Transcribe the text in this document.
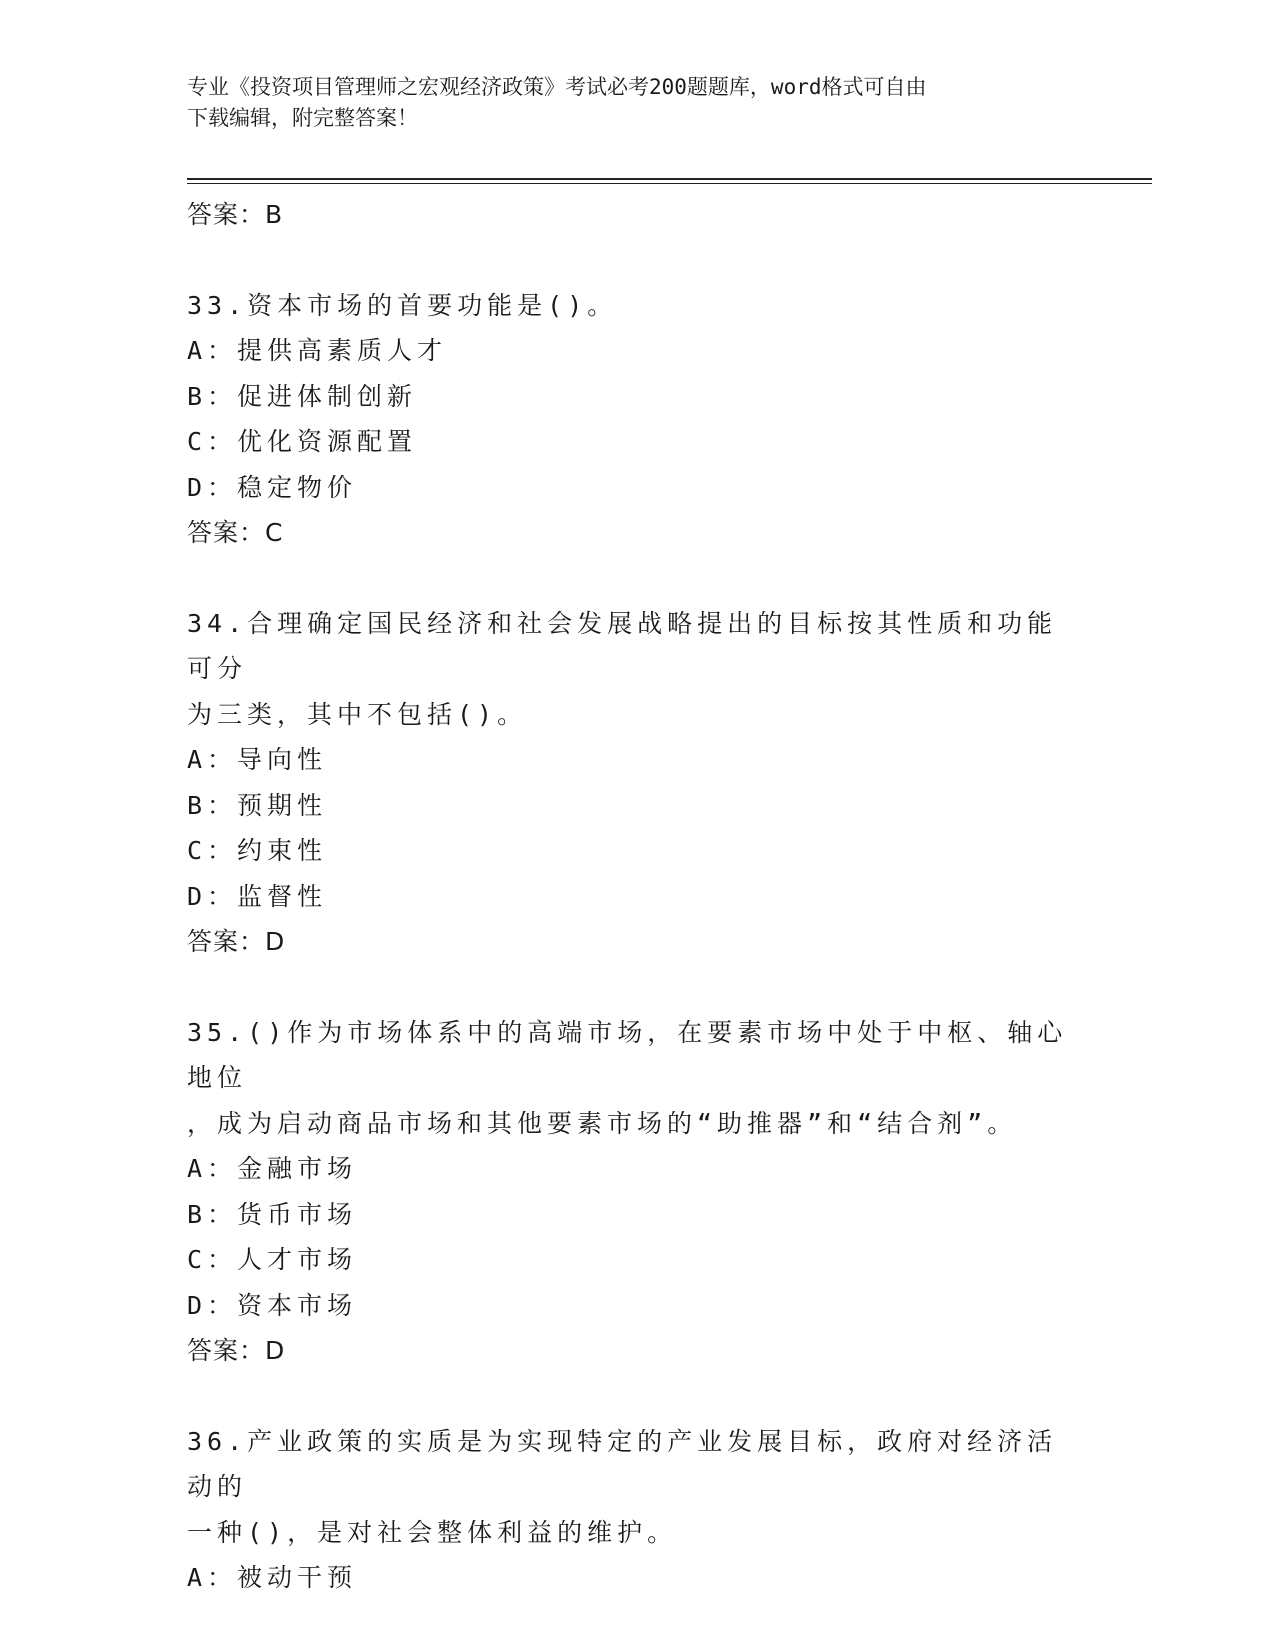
专业《投资项目管理师之宏观经济政策》考试必考200题题库，word格式可自由
下载编辑，附完整答案！
答案：B
33.资本市场的首要功能是()。
A：提供高素质人才
B：促进体制创新
C：优化资源配置
D：稳定物价
答案：C
34.合理确定国民经济和社会发展战略提出的目标按其性质和功能可分
为三类，其中不包括()。
A：导向性
B：预期性
C：约束性
D：监督性
答案：D
35.()作为市场体系中的高端市场，在要素市场中处于中枢、轴心地位
，成为启动商品市场和其他要素市场的“助推器”和“结合剂”。
A：金融市场
B：货币市场
C：人才市场
D：资本市场
答案：D
36.产业政策的实质是为实现特定的产业发展目标，政府对经济活动的
一种()，是对社会整体利益的维护。
A：被动干预
